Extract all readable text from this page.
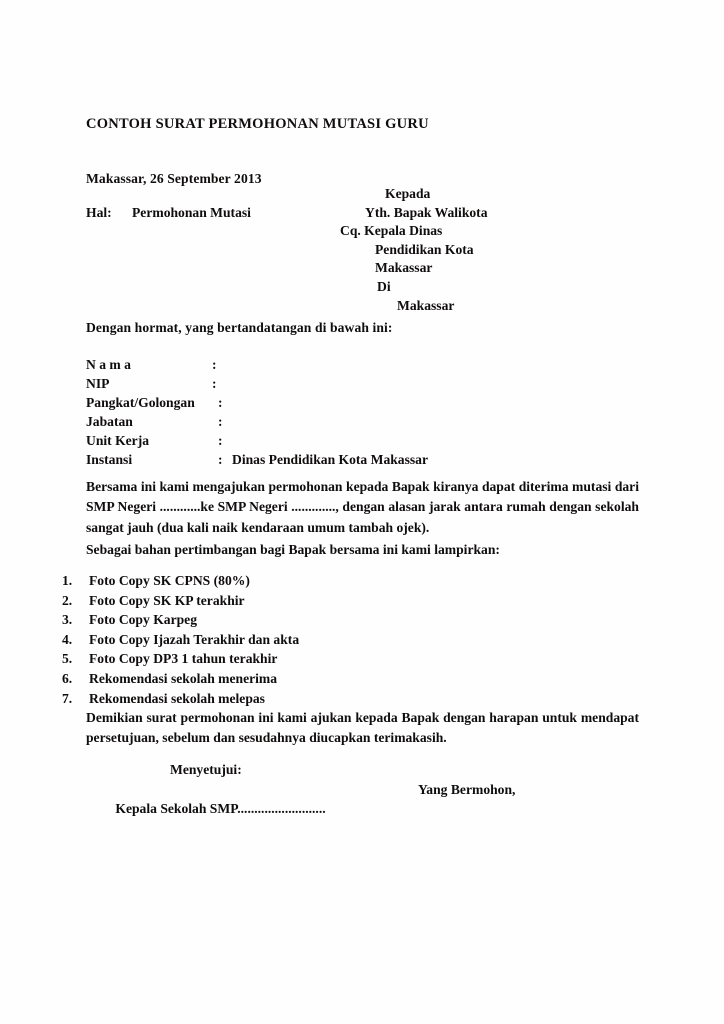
CONTOH SURAT PERMOHONAN MUTASI GURU
Makassar, 26 September 2013
Hal:	Permohonan Mutasi
Kepada
Yth. Bapak Walikota
Cq. Kepala Dinas
Pendidikan Kota
Makassar
Di
Makassar
Dengan hormat, yang bertandatangan di bawah ini:
N a m a	:
NIP	:
Pangkat/Golongan	:
Jabatan	:
Unit Kerja	:
Instansi	: Dinas Pendidikan Kota Makassar
Bersama ini kami mengajukan permohonan kepada Bapak kiranya dapat diterima mutasi dari SMP Negeri ............ke SMP Negeri ............., dengan alasan jarak antara rumah dengan sekolah sangat jauh (dua kali naik kendaraan umum tambah ojek).
Sebagai bahan pertimbangan bagi Bapak bersama ini kami lampirkan:
1.	Foto Copy SK CPNS (80%)
2.	Foto Copy SK KP terakhir
3.	Foto Copy Karpeg
4.	Foto Copy Ijazah Terakhir dan akta
5.	Foto Copy DP3 1 tahun terakhir
6.	Rekomendasi sekolah menerima
7.	Rekomendasi sekolah melepas
Demikian surat permohonan ini kami ajukan kepada Bapak dengan harapan untuk mendapat persetujuan, sebelum dan sesudahnya diucapkan terimakasih.
Menyetujui:

Kepala Sekolah SMP..........................

Yang Bermohon,
